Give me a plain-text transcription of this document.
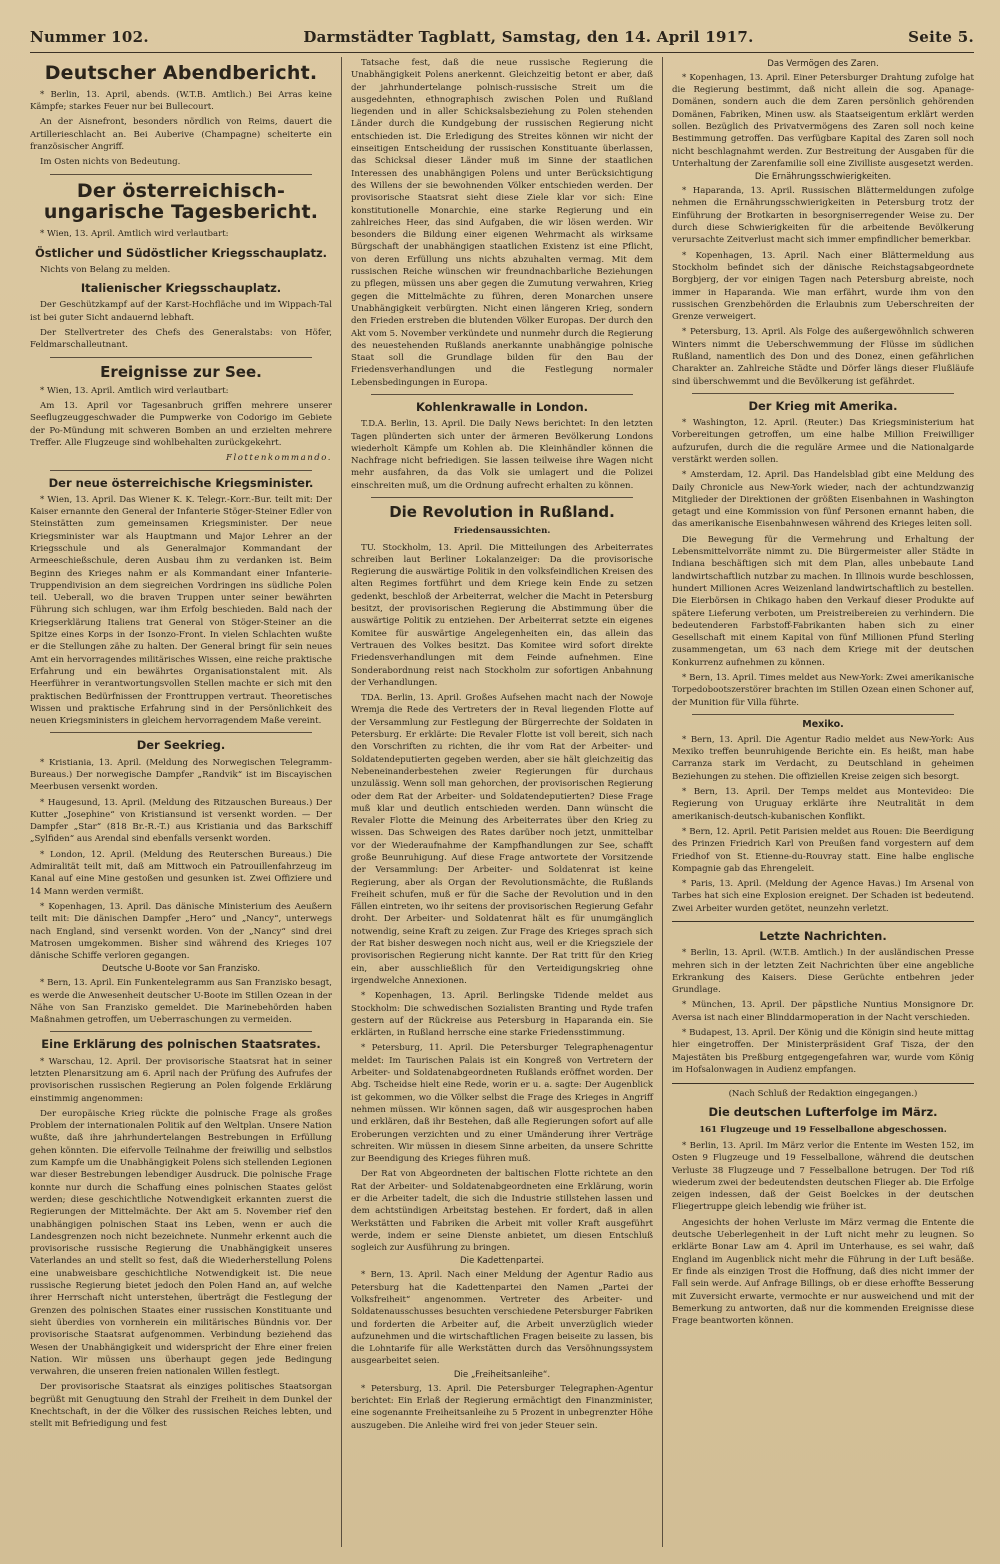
Nummer 102.	Darmstädter Tagblatt, Samstag, den 14. April 1917.	Seite 5.
Deutscher Abendbericht.

* Berlin, 13. April, abends. (W.T.B. Amtlich.) Bei Arras keine Kämpfe; starkes Feuer nur bei Bullecourt.

An der Aisnefront, besonders nördlich von Reims, dauert die Artillerieschlacht an. Bei Auberive (Champagne) scheiterte ein französischer Angriff.

Im Osten nichts von Bedeutung.

Der österreichisch-ungarische Tagesbericht.

* Wien, 13. April. Amtlich wird verlautbart:

Östlicher und Südöstlicher Kriegsschauplatz.

Nichts von Belang zu melden.

Italienischer Kriegsschauplatz.

Der Geschützkampf auf der Karst-Hochfläche und im Wippach-Tal ist bei guter Sicht andauernd lebhaft.

Der Stellvertreter des Chefs des Generalstabs: von Höfer, Feldmarschalleutnant.

Ereignisse zur See.

* Wien, 13. April. Amtlich wird verlautbart:

Am 13. April vor Tagesanbruch griffen mehrere unserer Seeflugzeuggeschwader die Pumpwerke von Codorigo im Gebiete der Po-Mündung mit schweren Bomben an und erzielten mehrere Treffer. Alle Flugzeuge sind wohlbehalten zurückgekehrt.

Flottenkommando.

Der neue österreichische Kriegsminister.

* Wien, 13. April. Das Wiener K. K. Telegr.-Korr.-Bur. teilt mit: Der Kaiser ernannte den General der Infanterie Stöger-Steiner Edler von Steinstätten zum gemeinsamen Kriegsminister. Der neue Kriegsminister war als Hauptmann und Major Lehrer an der Kriegsschule und als Generalmajor Kommandant der Armeeschießschule, deren Ausbau ihm zu verdanken ist. Beim Beginn des Krieges nahm er als Kommandant einer Infanterie-Truppendivision an dem siegreichen Vordringen ins südliche Polen teil. Ueberall, wo die braven Truppen unter seiner bewährten Führung sich schlugen, war ihm Erfolg beschieden. Bald nach der Kriegserklärung Italiens trat General von Stöger-Steiner an die Spitze eines Korps in der Isonzo-Front. In vielen Schlachten wußte er die Stellungen zähe zu halten. Der General bringt für sein neues Amt ein hervorragendes militärisches Wissen, eine reiche praktische Erfahrung und ein bewährtes Organisationstalent mit. Als Heerführer in verantwortungsvollen Stellen machte er sich mit den praktischen Bedürfnissen der Fronttruppen vertraut. Theoretisches Wissen und praktische Erfahrung sind in der Persönlichkeit des neuen Kriegsministers in gleichem hervorragendem Maße vereint.

Der Seekrieg.

* Kristiania, 13. April. (Meldung des Norwegischen Telegramm-Bureaus.) Der norwegische Dampfer „Randvik“ ist im Biscayischen Meerbusen versenkt worden.

* Haugesund, 13. April. (Meldung des Ritzauschen Bureaus.) Der Kutter „Josephine“ von Kristiansund ist versenkt worden. — Der Dampfer „Star“ (818 Br.-R.-T.) aus Kristiania und das Barkschiff „Sylfiden“ aus Arendal sind ebenfalls versenkt worden.

* London, 12. April. (Meldung des Reuterschen Bureaus.) Die Admiralität teilt mit, daß am Mittwoch ein Patrouillenfahrzeug im Kanal auf eine Mine gestoßen und gesunken ist. Zwei Offiziere und 14 Mann werden vermißt.

* Kopenhagen, 13. April. Das dänische Ministerium des Aeußern teilt mit: Die dänischen Dampfer „Hero“ und „Nancy“, unterwegs nach England, sind versenkt worden. Von der „Nancy“ sind drei Matrosen umgekommen. Bisher sind während des Krieges 107 dänische Schiffe verloren gegangen.

Deutsche U-Boote vor San Franzisko.

* Bern, 13. April. Ein Funkentelegramm aus San Franzisko besagt, es werde die Anwesenheit deutscher U-Boote im Stillen Ozean in der Nähe von San Franzisko gemeldet. Die Marinebehörden haben Maßnahmen getroffen, um Ueberraschungen zu vermeiden.

Eine Erklärung des polnischen Staatsrates.

* Warschau, 12. April. Der provisorische Staatsrat hat in seiner letzten Plenarsitzung am 6. April nach der Prüfung des Aufrufes der provisorischen russischen Regierung an Polen folgende Erklärung einstimmig angenommen:

Der europäische Krieg rückte die polnische Frage als großes Problem der internationalen Politik auf den Weltplan. Unsere Nation wußte, daß ihre jahrhundertelangen Bestrebungen in Erfüllung gehen könnten. Die eifervolle Teilnahme der freiwillig und selbstlos zum Kampfe um die Unabhängigkeit Polens sich stellenden Legionen war dieser Bestrebungen lebendiger Ausdruck. Die polnische Frage konnte nur durch die Schaffung eines polnischen Staates gelöst werden; diese geschichtliche Notwendigkeit erkannten zuerst die Regierungen der Mittelmächte. Der Akt am 5. November rief den unabhängigen polnischen Staat ins Leben, wenn er auch die Landesgrenzen noch nicht bezeichnete. Nunmehr erkennt auch die provisorische russische Regierung die Unabhängigkeit unseres Vaterlandes an und stellt so fest, daß die Wiederherstellung Polens eine unabweisbare geschichtliche Notwendigkeit ist. Die neue russische Regierung bietet jedoch den Polen Hand an, auf welche ihrer Herrschaft nicht unterstehen, überträgt die Festlegung der Grenzen des polnischen Staates einer russischen Konstituante und sieht überdies von vornherein ein militärisches Bündnis vor. Der provisorische Staatsrat aufgenommen. Verbindung beziehend das Wesen der Unabhängigkeit und widerspricht der Ehre einer freien Nation. Wir müssen uns überhaupt gegen jede Bedingung verwahren, die unseren freien nationalen Willen festlegt.

Der provisorische Staatsrat als einziges politisches Staatsorgan begrüßt mit Genugtuung den Strahl der Freiheit in dem Dunkel der Knechtschaft, in der die Völker des russischen Reiches lebten, und stellt mit Befriedigung und fest

Tatsache fest, daß die neue russische Regierung die Unabhängigkeit Polens anerkennt. Gleichzeitig betont er aber, daß der jahrhundertelange polnisch-russische Streit um die ausgedehnten, ethnographisch zwischen Polen und Rußland liegenden und in aller Schicksalsbeziehung zu Polen stehenden Länder durch die Kundgebung der russischen Regierung nicht entschieden ist. Die Erledigung des Streites können wir nicht der einseitigen Entscheidung der russischen Konstituante überlassen, das Schicksal dieser Länder muß im Sinne der staatlichen Interessen des unabhängigen Polens und unter Berücksichtigung des Willens der sie bewohnenden Völker entschieden werden. Der provisorische Staatsrat sieht diese Ziele klar vor sich: Eine konstitutionelle Monarchie, eine starke Regierung und ein zahlreiches Heer, das sind Aufgaben, die wir lösen werden. Wir besonders die Bildung einer eigenen Wehrmacht als wirksame Bürgschaft der unabhängigen staatlichen Existenz ist eine Pflicht, von deren Erfüllung uns nichts abzuhalten vermag. Mit dem russischen Reiche wünschen wir freundnachbarliche Beziehungen zu pflegen, müssen uns aber gegen die Zumutung verwahren, Krieg gegen die Mittelmächte zu führen, deren Monarchen unsere Unabhängigkeit verbürgten. Nicht einen längeren Krieg, sondern den Frieden erstreben die blutenden Völker Europas. Der durch den Akt vom 5. November verkündete und nunmehr durch die Regierung des neuestehenden Rußlands anerkannte unabhängige polnische Staat soll die Grundlage bilden für den Bau der Friedensverhandlungen und die Festlegung normaler Lebensbedingungen in Europa.

Kohlenkrawalle in London.

T.D.A. Berlin, 13. April. Die Daily News berichtet: In den letzten Tagen plünderten sich unter der ärmeren Bevölkerung Londons wiederholt Kämpfe um Kohlen ab. Die Kleinhändler können die Nachfrage nicht befriedigen. Sie lassen teilweise ihre Wagen nicht mehr ausfahren, da das Volk sie umlagert und die Polizei einschreiten muß, um die Ordnung aufrecht erhalten zu können.

Die Revolution in Rußland.

Friedensaussichten.

TU. Stockholm, 13. April. Die Mitteilungen des Arbeiterrates schreiben laut Berliner Lokalanzeiger: Da die provisorische Regierung die auswärtige Politik in den volksfeindlichen Kreisen des alten Regimes fortführt und dem Kriege kein Ende zu setzen gedenkt, beschloß der Arbeiterrat, welcher die Macht in Petersburg besitzt, der provisorischen Regierung die Abstimmung über die auswärtige Politik zu entziehen. Der Arbeiterrat setzte ein eigenes Komitee für auswärtige Angelegenheiten ein, das allein das Vertrauen des Volkes besitzt. Das Komitee wird sofort direkte Friedensverhandlungen mit dem Feinde aufnehmen. Eine Sonderabordnung reist nach Stockholm zur sofortigen Anbahnung der Verhandlungen.

TDA. Berlin, 13. April. Großes Aufsehen macht nach der Nowoje Wremja die Rede des Vertreters der in Reval liegenden Flotte auf der Versammlung zur Festlegung der Bürgerrechte der Soldaten in Petersburg. Er erklärte: Die Revaler Flotte ist voll bereit, sich nach den Vorschriften zu richten, die ihr vom Rat der Arbeiter- und Soldatendeputierten gegeben werden, aber sie hält gleichzeitig das Nebeneinanderbestehen zweier Regierungen für durchaus unzulässig. Wenn soll man gehorchen, der provisorischen Regierung oder dem Rat der Arbeiter- und Soldatendeputierten? Diese Frage muß klar und deutlich entschieden werden. Dann wünscht die Revaler Flotte die Meinung des Arbeiterrates über den Krieg zu wissen. Das Schweigen des Rates darüber noch jetzt, unmittelbar vor der Wiederaufnahme der Kampfhandlungen zur See, schafft große Beunruhigung. Auf diese Frage antwortete der Vorsitzende der Versammlung: Der Arbeiter- und Soldatenrat ist keine Regierung, aber als Organ der Revolutionsmächte, die Rußlands Freiheit schufen, muß er für die Sache der Revolution und in den Fällen eintreten, wo ihr seitens der provisorischen Regierung Gefahr droht. Der Arbeiter- und Soldatenrat hält es für unumgänglich notwendig, seine Kraft zu zeigen. Zur Frage des Krieges sprach sich der Rat bisher deswegen noch nicht aus, weil er die Kriegsziele der provisorischen Regierung nicht kannte. Der Rat tritt für den Krieg ein, aber ausschließlich für den Verteidigungskrieg ohne irgendwelche Annexionen.

* Kopenhagen, 13. April. Berlingske Tidende meldet aus Stockholm: Die schwedischen Sozialisten Branting und Ryde trafen gestern auf der Rückreise aus Petersburg in Haparanda ein. Sie erklärten, in Rußland herrsche eine starke Friedensstimmung.

* Petersburg, 11. April. Die Petersburger Telegraphenagentur meldet: Im Taurischen Palais ist ein Kongreß von Vertretern der Arbeiter- und Soldatenabgeordneten Rußlands eröffnet worden. Der Abg. Tscheidse hielt eine Rede, worin er u. a. sagte: Der Augenblick ist gekommen, wo die Völker selbst die Frage des Krieges in Angriff nehmen müssen. Wir können sagen, daß wir ausgesprochen haben und erklären, daß ihr Bestehen, daß alle Regierungen sofort auf alle Eroberungen verzichten und zu einer Umänderung ihrer Verträge schreiten. Wir müssen in diesem Sinne arbeiten, da unsere Schritte zur Beendigung des Krieges führen muß.

Der Rat von Abgeordneten der baltischen Flotte richtete an den Rat der Arbeiter- und Soldatenabgeordneten eine Erklärung, worin er die Arbeiter tadelt, die sich die Industrie stillstehen lassen und dem achtstündigen Arbeitstag bestehen. Er fordert, daß in allen Werkstätten und Fabriken die Arbeit mit voller Kraft ausgeführt werde, indem er seine Dienste anbietet, um diesen Entschluß sogleich zur Ausführung zu bringen.

Die Kadettenpartei.

* Bern, 13. April. Nach einer Meldung der Agentur Radio aus Petersburg hat die Kadettenpartei den Namen „Partei der Volksfreiheit“ angenommen. Vertreter des Arbeiter- und Soldatenausschusses besuchten verschiedene Petersburger Fabriken und forderten die Arbeiter auf, die Arbeit unverzüglich wieder aufzunehmen und die wirtschaftlichen Fragen beiseite zu lassen, bis die Lohntarife für alle Werkstätten durch das Versöhnungssystem ausgearbeitet seien.

Die „Freiheitsanleihe“.

* Petersburg, 13. April. Die Petersburger Telegraphen-Agentur berichtet: Ein Erlaß der Regierung ermächtigt den Finanzminister, eine sogenannte Freiheitsanleihe zu 5 Prozent in unbegrenzter Höhe auszugeben. Die Anleihe wird frei von jeder Steuer sein.

Das Vermögen des Zaren.

* Kopenhagen, 13. April. Einer Petersburger Drahtung zufolge hat die Regierung bestimmt, daß nicht allein die sog. Apanage-Domänen, sondern auch die dem Zaren persönlich gehörenden Domänen, Fabriken, Minen usw. als Staatseigentum erklärt werden sollen. Bezüglich des Privatvermögens des Zaren soll noch keine Bestimmung getroffen. Das verfügbare Kapital des Zaren soll noch nicht beschlagnahmt werden. Zur Bestreitung der Ausgaben für die Unterhaltung der Zarenfamilie soll eine Zivilliste ausgesetzt werden.

Die Ernährungsschwierigkeiten.

* Haparanda, 13. April. Russischen Blättermeldungen zufolge nehmen die Ernährungsschwierigkeiten in Petersburg trotz der Einführung der Brotkarten in besorgniserregender Weise zu. Der durch diese Schwierigkeiten für die arbeitende Bevölkerung verursachte Zeitverlust macht sich immer empfindlicher bemerkbar.

* Kopenhagen, 13. April. Nach einer Blättermeldung aus Stockholm befindet sich der dänische Reichstagsabgeordnete Borgbjerg, der vor einigen Tagen nach Petersburg abreiste, noch immer in Haparanda. Wie man erfährt, wurde ihm von den russischen Grenzbehörden die Erlaubnis zum Ueberschreiten der Grenze verweigert.

* Petersburg, 13. April. Als Folge des außergewöhnlich schweren Winters nimmt die Ueberschwemmung der Flüsse im südlichen Rußland, namentlich des Don und des Donez, einen gefährlichen Charakter an. Zahlreiche Städte und Dörfer längs dieser Flußläufe sind überschwemmt und die Bevölkerung ist gefährdet.

Der Krieg mit Amerika.

* Washington, 12. April. (Reuter.) Das Kriegsministerium hat Vorbereitungen getroffen, um eine halbe Million Freiwilliger aufzurufen, durch die die reguläre Armee und die Nationalgarde verstärkt werden sollen.

* Amsterdam, 12. April. Das Handelsblad gibt eine Meldung des Daily Chronicle aus New-York wieder, nach der achtundzwanzig Mitglieder der Direktionen der größten Eisenbahnen in Washington getagt und eine Kommission von fünf Personen ernannt haben, die das amerikanische Eisenbahnwesen während des Krieges leiten soll.

Die Bewegung für die Vermehrung und Erhaltung der Lebensmittelvorräte nimmt zu. Die Bürgermeister aller Städte in Indiana beschäftigen sich mit dem Plan, alles unbebaute Land landwirtschaftlich nutzbar zu machen. In Illinois wurde beschlossen, hundert Millionen Acres Weizenland landwirtschaftlich zu bestellen. Die Eierbörsen in Chikago haben den Verkauf dieser Produkte auf spätere Lieferung verboten, um Preistreibereien zu verhindern. Die bedeutenderen Farbstoff-Fabrikanten haben sich zu einer Gesellschaft mit einem Kapital von fünf Millionen Pfund Sterling zusammengetan, um 63 nach dem Kriege mit der deutschen Konkurrenz aufnehmen zu können.

* Bern, 13. April. Times meldet aus New-York: Zwei amerikanische Torpedobootszerstörer brachten im Stillen Ozean einen Schoner auf, der Munition für Villa führte.

Mexiko.

* Bern, 13. April. Die Agentur Radio meldet aus New-York: Aus Mexiko treffen beunruhigende Berichte ein. Es heißt, man habe Carranza stark im Verdacht, zu Deutschland in geheimen Beziehungen zu stehen. Die offiziellen Kreise zeigen sich besorgt.

* Bern, 13. April. Der Temps meldet aus Montevideo: Die Regierung von Uruguay erklärte ihre Neutralität in dem amerikanisch-deutsch-kubanischen Konflikt.

* Bern, 12. April. Petit Parisien meldet aus Rouen: Die Beerdigung des Prinzen Friedrich Karl von Preußen fand vorgestern auf dem Friedhof von St. Etienne-du-Rouvray statt. Eine halbe englische Kompagnie gab das Ehrengeleit.

* Paris, 13. April. (Meldung der Agence Havas.) Im Arsenal von Tarbes hat sich eine Explosion ereignet. Der Schaden ist bedeutend. Zwei Arbeiter wurden getötet, neunzehn verletzt.

Letzte Nachrichten.

* Berlin, 13. April. (W.T.B. Amtlich.) In der ausländischen Presse mehren sich in der letzten Zeit Nachrichten über eine angebliche Erkrankung des Kaisers. Diese Gerüchte entbehren jeder Grundlage.

* München, 13. April. Der päpstliche Nuntius Monsignore Dr. Aversa ist nach einer Blinddarmoperation in der Nacht verschieden.

* Budapest, 13. April. Der König und die Königin sind heute mittag hier eingetroffen. Der Ministerpräsident Graf Tisza, der den Majestäten bis Preßburg entgegengefahren war, wurde vom König im Hofsalonwagen in Audienz empfangen.

(Nach Schluß der Redaktion eingegangen.)

Die deutschen Lufterfolge im März.

161 Flugzeuge und 19 Fesselballone abgeschossen.

* Berlin, 13. April. Im März verlor die Entente im Westen 152, im Osten 9 Flugzeuge und 19 Fesselballone, während die deutschen Verluste 38 Flugzeuge und 7 Fesselballone betrugen. Der Tod riß wiederum zwei der bedeutendsten deutschen Flieger ab. Die Erfolge zeigen indessen, daß der Geist Boelckes in der deutschen Fliegertruppe gleich lebendig wie früher ist.

Angesichts der hohen Verluste im März vermag die Entente die deutsche Ueberlegenheit in der Luft nicht mehr zu leugnen. So erklärte Bonar Law am 4. April im Unterhause, es sei wahr, daß England im Augenblick nicht mehr die Führung in der Luft besäße. Er finde als einzigen Trost die Hoffnung, daß dies nicht immer der Fall sein werde. Auf Anfrage Billings, ob er diese erhoffte Besserung mit Zuversicht erwarte, vermochte er nur ausweichend und mit der Bemerkung zu antworten, daß nur die kommenden Ereignisse diese Frage beantworten können.
